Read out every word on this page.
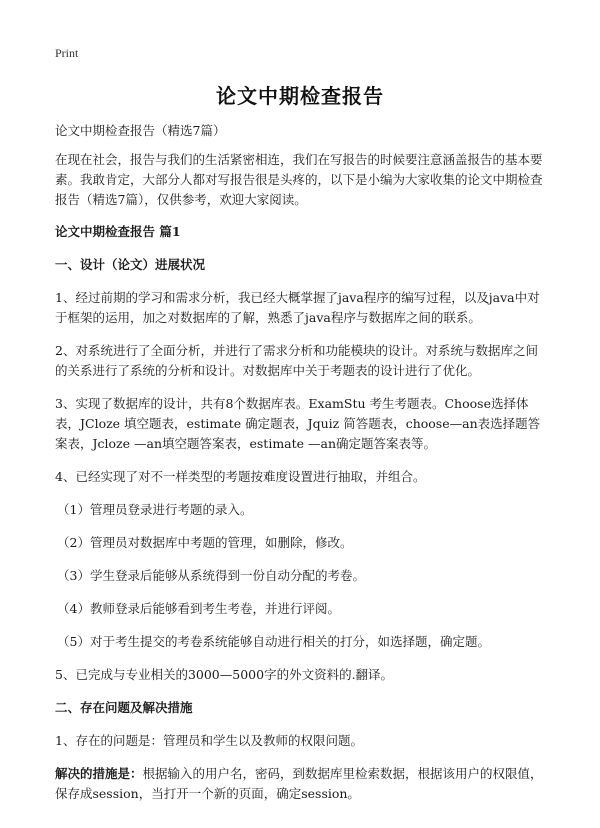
Print
论文中期检查报告

论文中期检查报告（精选7篇）

在现在社会，报告与我们的生活紧密相连，我们在写报告的时候要注意涵盖报告的基本要素。我敢肯定，大部分人都对写报告很是头疼的，以下是小编为大家收集的论文中期检查报告（精选7篇），仅供参考，欢迎大家阅读。

论文中期检查报告 篇1

一、设计（论文）进展状况

1、经过前期的学习和需求分析，我已经大概掌握了java程序的编写过程，以及java中对于框架的运用，加之对数据库的了解，熟悉了java程序与数据库之间的联系。

2、对系统进行了全面分析，并进行了需求分析和功能模块的设计。对系统与数据库之间的关系进行了系统的分析和设计。对数据库中关于考题表的设计进行了优化。

3、实现了数据库的设计，共有8个数据库表。ExamStu 考生考题表。Choose选择体表，JCloze 填空题表，estimate 确定题表，Jquiz 简答题表，choose—an表选择题答案表，Jcloze —an填空题答案表，estimate —an确定题答案表等。

4、已经实现了对不一样类型的考题按难度设置进行抽取，并组合。

（1）管理员登录进行考题的录入。

（2）管理员对数据库中考题的管理，如删除，修改。

（3）学生登录后能够从系统得到一份自动分配的考卷。

（4）教师登录后能够看到考生考卷，并进行评阅。

（5）对于考生提交的考卷系统能够自动进行相关的打分，如选择题，确定题。

5、已完成与专业相关的3000—5000字的外文资料的.翻译。

二、存在问题及解决措施

1、存在的问题是：管理员和学生以及教师的权限问题。

解决的措施是：根据输入的用户名，密码，到数据库里检索数据，根据该用户的权限值，保存成session，当打开一个新的页面，确定session。
